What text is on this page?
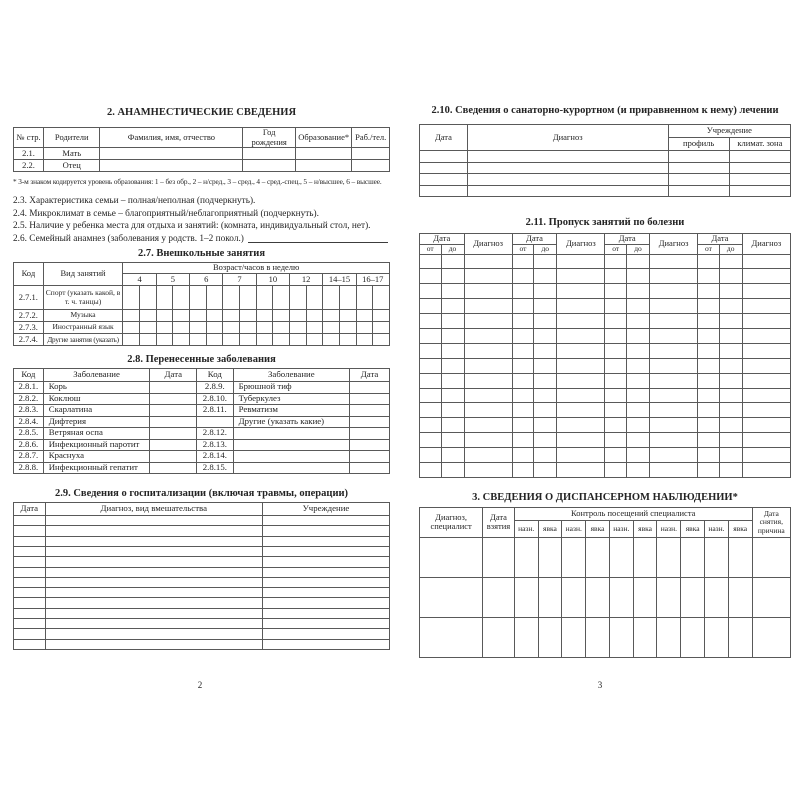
2. АНАМНЕСТИЧЕСКИЕ СВЕДЕНИЯ
№ стр.	Родители	Фамилия, имя, отчество	Год рождения	Образование*	Раб./тел.
2.1.	Мать				
2.2.	Отец				
* 3-м знаком кодируется уровень образования: 1 – без обр., 2 – н/сред., 3 – сред., 4 – сред.-спец., 5 – н/высшее, 6 – высшее.

2.3. Характеристика семьи – полная/неполная (подчеркнуть).

2.4. Микроклимат в семье – благоприятный/неблагоприятный (подчеркнуть).

2.5. Наличие у ребенка места для отдыха и занятий: (комната, индивидуальный стол, нет).

2.6. Семейный анамнез (заболевания у родств. 1–2 покол.)

2.7. Внешкольные занятия
Код	Вид занятий	Возраст/часов в неделю															
		4		5		6		7		10		12		14–15		16–17	
2.7.1.	Спорт (указать какой, в т. ч. танцы)																
2.7.2.	Музыка																
2.7.3.	Иностранный язык																
2.7.4.	Другие занятия (указать)																
2.8. Перенесенные заболевания
Код	Заболевание	Дата	Код	Заболевание	Дата
2.8.1.	Корь		2.8.9.	Брюшной тиф	
2.8.2.	Коклюш		2.8.10.	Туберкулез	
2.8.3.	Скарлатина		2.8.11.	Ревматизм	
2.8.4.	Дифтерия			Другие (указать какие)	
2.8.5.	Ветряная оспа		2.8.12.		
2.8.6.	Инфекционный паротит		2.8.13.		
2.8.7.	Краснуха		2.8.14.		
2.8.8.	Инфекционный гепатит		2.8.15.		
2.9. Сведения о госпитализации (включая травмы, операции)
Дата	Диагноз, вид вмешательства	Учреждение

2
2.10. Сведения о санаторно-курортном (и приравненном к нему) лечении
Дата	Диагноз	Учреждение	
		профиль	климат. зона

2.11. Пропуск занятий по болезни
Дата		Диагноз	Дата		Диагноз	Дата		Диагноз	Дата		Диагноз
от	до		от	до		от	до		от	до	

3. СВЕДЕНИЯ О ДИСПАНСЕРНОМ НАБЛЮДЕНИИ*
Диагноз, специалист	Дата взятия	Контроль посещений специалиста										Дата снятия, причина
		назн.	явка	назн.	явка	назн.	явка	назн.	явка	назн.	явка	

3
